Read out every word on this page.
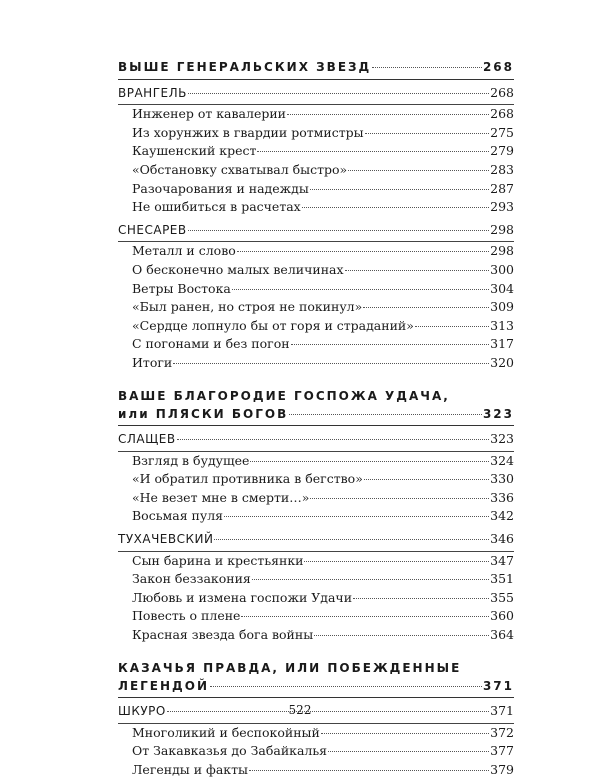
ВЫШЕ ГЕНЕРАЛЬСКИХ ЗВЕЗД	268
ВРАНГЕЛЬ	268
Инженер от кавалерии	268
Из хорунжих в гвардии ротмистры	275
Каушенский крест	279
«Обстановку схватывал быстро»	283
Разочарования и надежды	287
Не ошибиться в расчетах	293
СНЕСАРЕВ	298
Металл и слово	298
О бесконечно малых величинах	300
Ветры Востока	304
«Был ранен, но строя не покинул»	309
«Сердце лопнуло бы от горя и страданий»	313
С погонами и без погон	317
Итоги	320
ВАШЕ БЛАГОРОДИЕ ГОСПОЖА УДАЧА,
или ПЛЯСКИ БОГОВ	323
СЛАЩЕВ	323
Взгляд в будущее	324
«И обратил противника в бегство»	330
«Не везет мне в смерти…»	336
Восьмая пуля	342
ТУХАЧЕВСКИЙ	346
Сын барина и крестьянки	347
Закон беззакония	351
Любовь и измена госпожи Удачи	355
Повесть о плене	360
Красная звезда бога войны	364
КАЗАЧЬЯ ПРАВДА, ИЛИ ПОБЕЖДЕННЫЕ
ЛЕГЕНДОЙ	371
ШКУРО	371
Многоликий и беспокойный	372
От Закавказья до Забайкалья	377
Легенды и факты	379
522
